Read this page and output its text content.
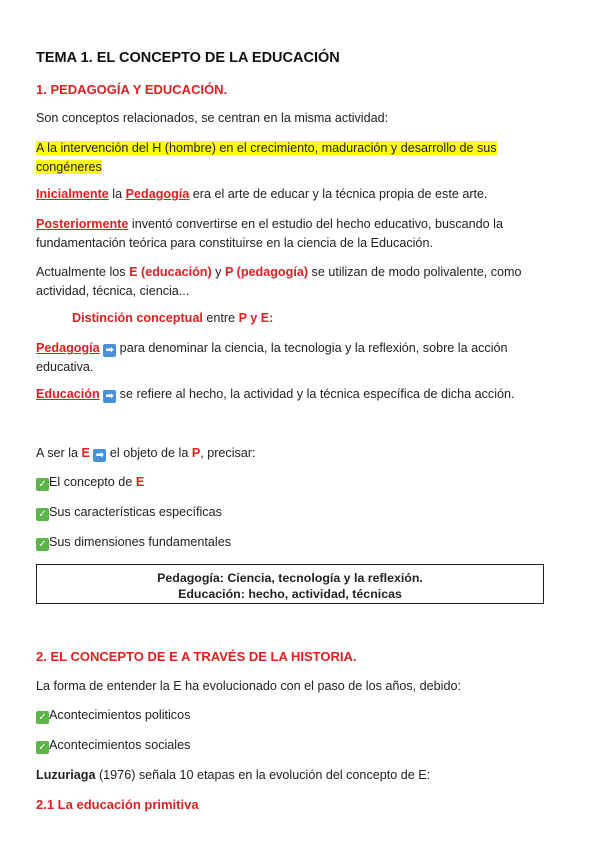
TEMA 1. EL CONCEPTO DE LA EDUCACIÓN
1. PEDAGOGÍA Y EDUCACIÓN.
Son conceptos relacionados, se centran en la misma actividad:
A la intervención del H (hombre) en el crecimiento, maduración y desarrollo de sus congéneres
Inicialmente la Pedagogía era el arte de educar y la técnica propia de este arte.
Posteriormente inventó convertirse en el estudio del hecho educativo, buscando la fundamentación teórica para constituirse en la ciencia de la Educación.
Actualmente los E (educación) y P (pedagogía) se utilizan de modo polivalente, como actividad, técnica, ciencia...
Distinción conceptual entre P y E:
Pedagogía ➡ para denominar la ciencia, la tecnologia y la reflexión, sobre la acción educativa.
Educación ➡ se refiere al hecho, la actividad y la técnica específica de dicha acción.
A ser la E ➡ el objeto de la P, precisar:
✓ El concepto de E
✓ Sus características específicas
✓ Sus dimensiones fundamentales
Pedagogía: Ciencia, tecnología y la reflexión.
Educación: hecho, actividad, técnicas
2. EL CONCEPTO DE E A TRAVÉS DE LA HISTORIA.
La forma de entender la E ha evolucionado con el paso de los años, debido:
✓ Acontecimientos politicos
✓ Acontecimientos sociales
Luzuriaga (1976) señala 10 etapas en la evolución del concepto de E:
2.1 La educación primitiva
